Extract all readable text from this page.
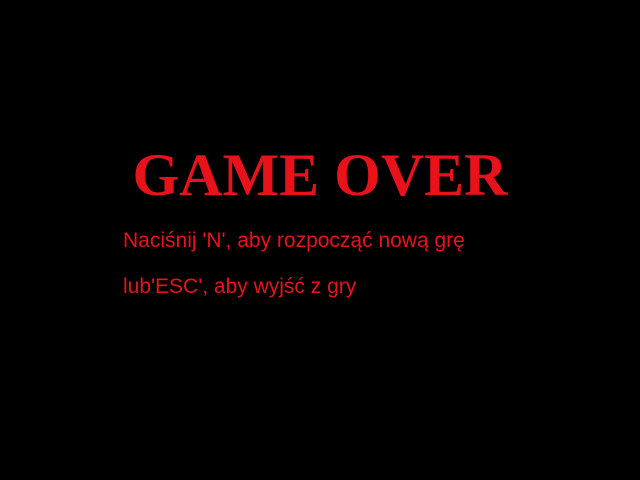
GAME OVER

Naciśnij 'N', aby rozpocząć nową grę

lub'ESC', aby wyjść z gry
